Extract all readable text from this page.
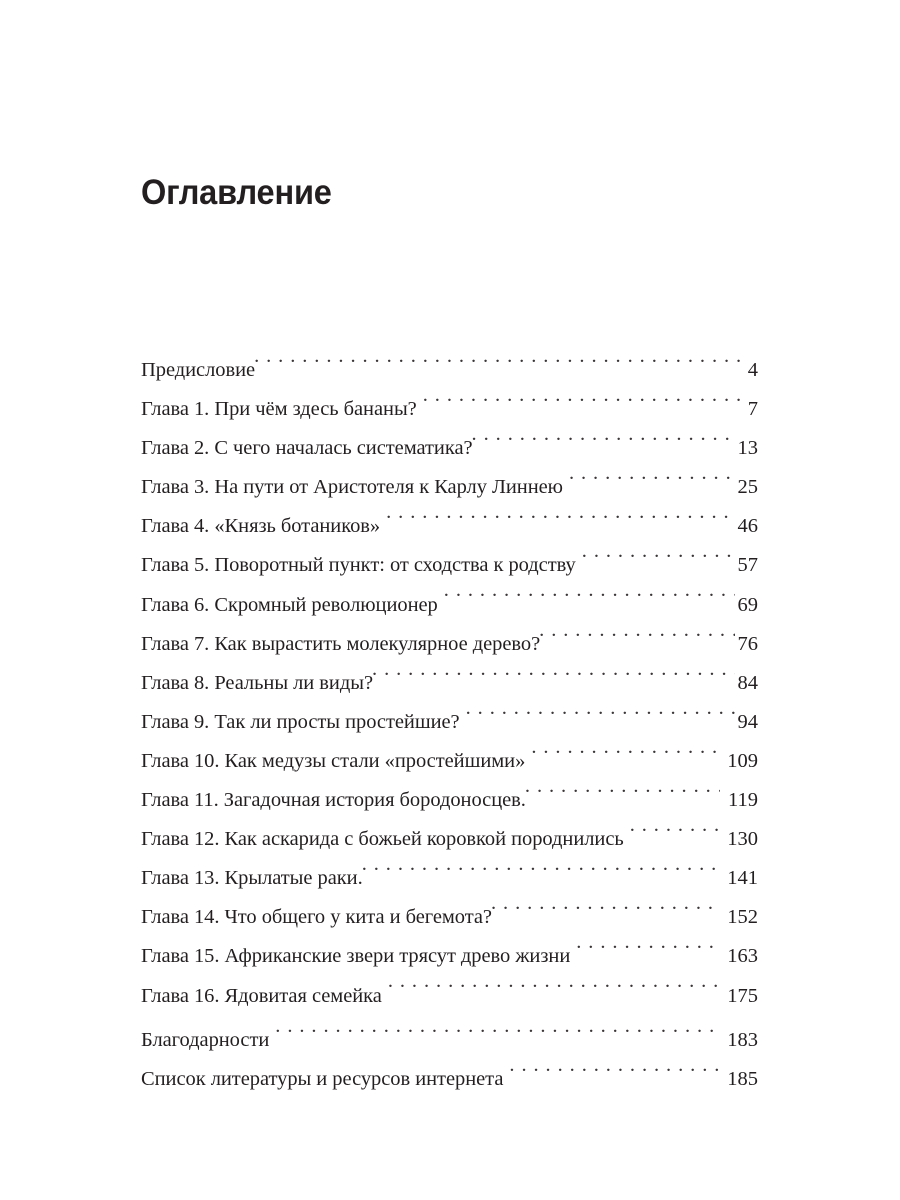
Оглавление
Предисловие . . .	4
Глава 1. При чём здесь бананы? . . .	7
Глава 2. С чего началась систематика? . . .	13
Глава 3. На пути от Аристотеля к Карлу Линнею . . .	25
Глава 4. «Князь ботаников» . . .	46
Глава 5. Поворотный пункт: от сходства к родству . . .	57
Глава 6. Скромный революционер . . .	69
Глава 7. Как вырастить молекулярное дерево? . . .	76
Глава 8. Реальны ли виды? . . .	84
Глава 9. Так ли просты простейшие? . . .	94
Глава 10. Как медузы стали «простейшими» . . .	109
Глава 11. Загадочная история бородоносцев. . . .	119
Глава 12. Как аскарида с божьей коровкой породнились . . .	130
Глава 13. Крылатые раки. . . .	141
Глава 14. Что общего у кита и бегемота? . . .	152
Глава 15. Африканские звери трясут древо жизни . . .	163
Глава 16. Ядовитая семейка . . .	175
Благодарности . . .	183
Список литературы и ресурсов интернета . . .	185
